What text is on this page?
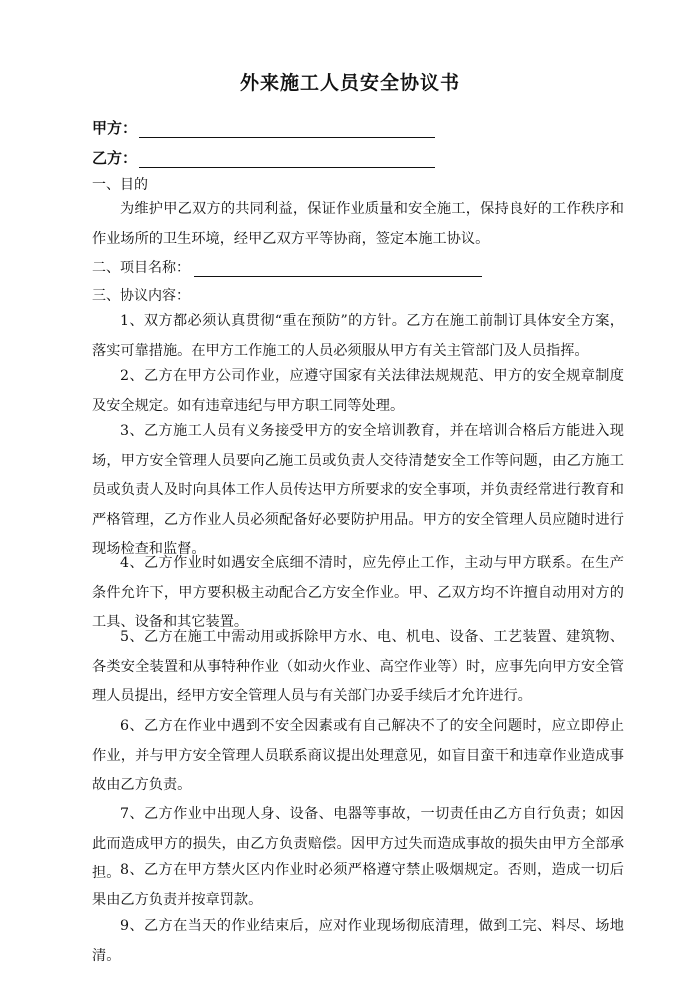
外来施工人员安全协议书
甲方：
乙方：
一、目的

为维护甲乙双方的共同利益，保证作业质量和安全施工，保持良好的工作秩序和作业场所的卫生环境，经甲乙双方平等协商，签定本施工协议。

二、项目名称：
三、协议内容：

1、双方都必须认真贯彻“重在预防”的方针。乙方在施工前制订具体安全方案，落实可靠措施。在甲方工作施工的人员必须服从甲方有关主管部门及人员指挥。

2、乙方在甲方公司作业，应遵守国家有关法律法规规范、甲方的安全规章制度及安全规定。如有违章违纪与甲方职工同等处理。

3、乙方施工人员有义务接受甲方的安全培训教育，并在培训合格后方能进入现场，甲方安全管理人员要向乙施工员或负责人交待清楚安全工作等问题，由乙方施工员或负责人及时向具体工作人员传达甲方所要求的安全事项，并负责经常进行教育和严格管理，乙方作业人员必须配备好必要防护用品。甲方的安全管理人员应随时进行现场检查和监督。

4、乙方作业时如遇安全底细不清时，应先停止工作，主动与甲方联系。在生产条件允许下，甲方要积极主动配合乙方安全作业。甲、乙双方均不许擅自动用对方的工具、设备和其它装置。

5、乙方在施工中需动用或拆除甲方水、电、机电、设备、工艺装置、建筑物、各类安全装置和从事特种作业（如动火作业、高空作业等）时，应事先向甲方安全管理人员提出，经甲方安全管理人员与有关部门办妥手续后才允许进行。

6、乙方在作业中遇到不安全因素或有自己解决不了的安全问题时，应立即停止作业，并与甲方安全管理人员联系商议提出处理意见，如盲目蛮干和违章作业造成事故由乙方负责。

7、乙方作业中出现人身、设备、电器等事故，一切责任由乙方自行负责；如因此而造成甲方的损失，由乙方负责赔偿。因甲方过失而造成事故的损失由甲方全部承担。 8、乙方在甲方禁火区内作业时必须严格遵守禁止吸烟规定。否则，造成一切后果由乙方负责并按章罚款。

9、乙方在当天的作业结束后，应对作业现场彻底清理，做到工完、料尽、场地清。
